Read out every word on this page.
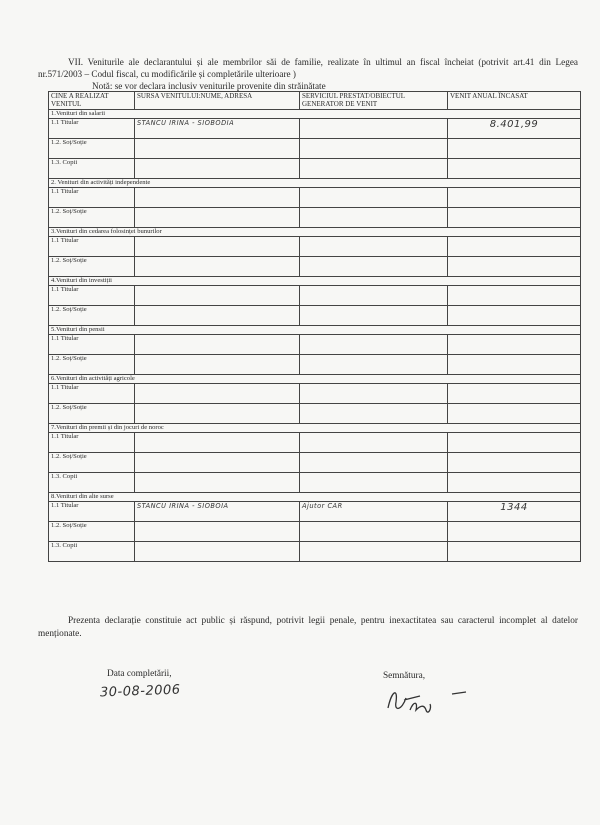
VII. Veniturile ale declarantului și ale membrilor săi de familie, realizate în ultimul an fiscal încheiat (potrivit art.41 din Legea nr.571/2003 – Codul fiscal, cu modificările și completările ulterioare )
Notă: se vor declara inclusiv veniturile provenite din străinătate
CINE A REALIZAT VENITUL	SURSA VENITULUI:NUME, ADRESA	SERVICIUL PRESTAT/OBIECTUL GENERATOR DE VENIT	VENIT ANUAL ÎNCASAT
1.Venituri din salarii			
1.1 Titular	STANCU IRINA - SIOBODIA		8.401,99
1.2. Soț/Soție			
1.3. Copii			
2. Venituri din activități independente			
1.1 Titular			
1.2. Soț/Soție			
3.Venituri din cedarea folosinței bunurilor			
1.1 Titular			
1.2. Soț/Soție			
4.Venituri din investiții			
1.1 Titular			
1.2. Soț/Soție			
5.Venituri din pensii			
1.1 Titular			
1.2. Soț/Soție			
6.Venituri din activități agricole			
1.1 Titular			
1.2. Soț/Soție			
7.Venituri din premii și din jocuri de noroc			
1.1 Titular			
1.2. Soț/Soție			
1.3. Copii			
8.Venituri din alte surse			
1.1 Titular	STANCU IRINA - SIOBOIA	Ajutor CAR	1344
1.2. Soț/Soție			
1.3. Copii			
Prezenta declarație constituie act public și răspund, potrivit legii penale, pentru inexactitatea sau caracterul incomplet al datelor menționate.
Data completării,
30-08-2006
Semnătura,
